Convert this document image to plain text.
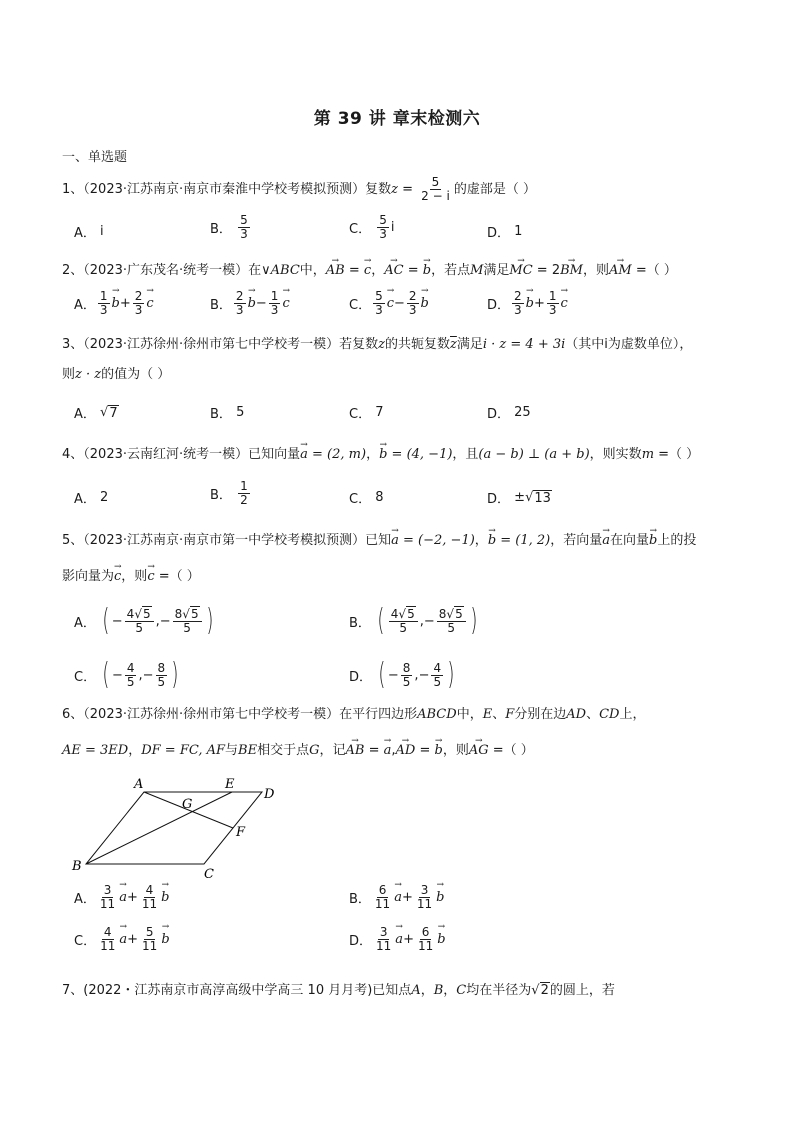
第 39 讲 章末检测六
一、单选题
1、（2023·江苏南京·南京市秦淮中学校考模拟预测）复数$z = \frac{5}{2 - i}$ 的虚部是（ ）
A．
i	B．
$\frac{5}{3}$	C．
$\frac{5}{3}$ i	D．
1
2、（2023·广东茂名·统考一模）在∨ABC中，→ AB = → c，→ AC = → b，若点M满足→ MC = 2→ BM，则→ AM =（ ）
A． $\frac{1}{3} \to b + \frac{2}{3} \to c$	B． $\frac{2}{3} \to b - \frac{1}{3} \to c$	C． $\frac{5}{3} \to c - \frac{2}{3} \to b$	D． $\frac{2}{3} \to b + \frac{1}{3} \to c$
3、（2023·江苏徐州·徐州市第七中学校考一模）若复数z的共轭复数$\overline{z}$满足i · z = 4 + 3i（其中i为虚数单位），
则z · z的值为（ ）
A．
√ 7	B．
5	C．
7	D．
25
4、（2023·云南红河·统考一模）已知向量→ a = (2, m)，→ b = (4, −1)，且(a − b) ⊥ (a + b)，则实数m =（ ）
A．
2	B．
$\frac{1}{2}$	C．
8	D．
± √ 13
5、（2023·江苏南京·南京市第一中学校考模拟预测）已知→ a = (−2, −1)，→ b = (1, 2)，若向量→ a在向量→ b上的投
影向量为→ c，则→ c =（ ）
A．
( − $\frac{4√5}{5}$ , − $\frac{8√5}{5}$ )	B．
( $\frac{4√5}{5}$ , − $\frac{8√5}{5}$ )
C．
( − $\frac{4}{5}$ , − $\frac{8}{5}$ )	D．
( − $\frac{8}{5}$ , − $\frac{4}{5}$ )
6、（2023·江苏徐州·徐州市第七中学校考一模）在平行四边形ABCD中，E、F分别在边AD、CD上，
AE = 3ED，DF = FC, AF与BE相交于点G，记→ AB = → a,→ AD = → b，则→ AG =（ ）
A	E
D
G
F
B
C
A． $\frac{3}{11} \to a + \frac{4}{11} \to b$	B． $\frac{6}{11} \to a + \frac{3}{11} \to b$
C． $\frac{4}{11} \to a + \frac{5}{11} \to b$	D． $\frac{3}{11} \to a + \frac{6}{11} \to b$
7、(2022・江苏南京市高淳高级中学高三 10 月月考)已知点A，B，C均在半径为√2的圆上，若
